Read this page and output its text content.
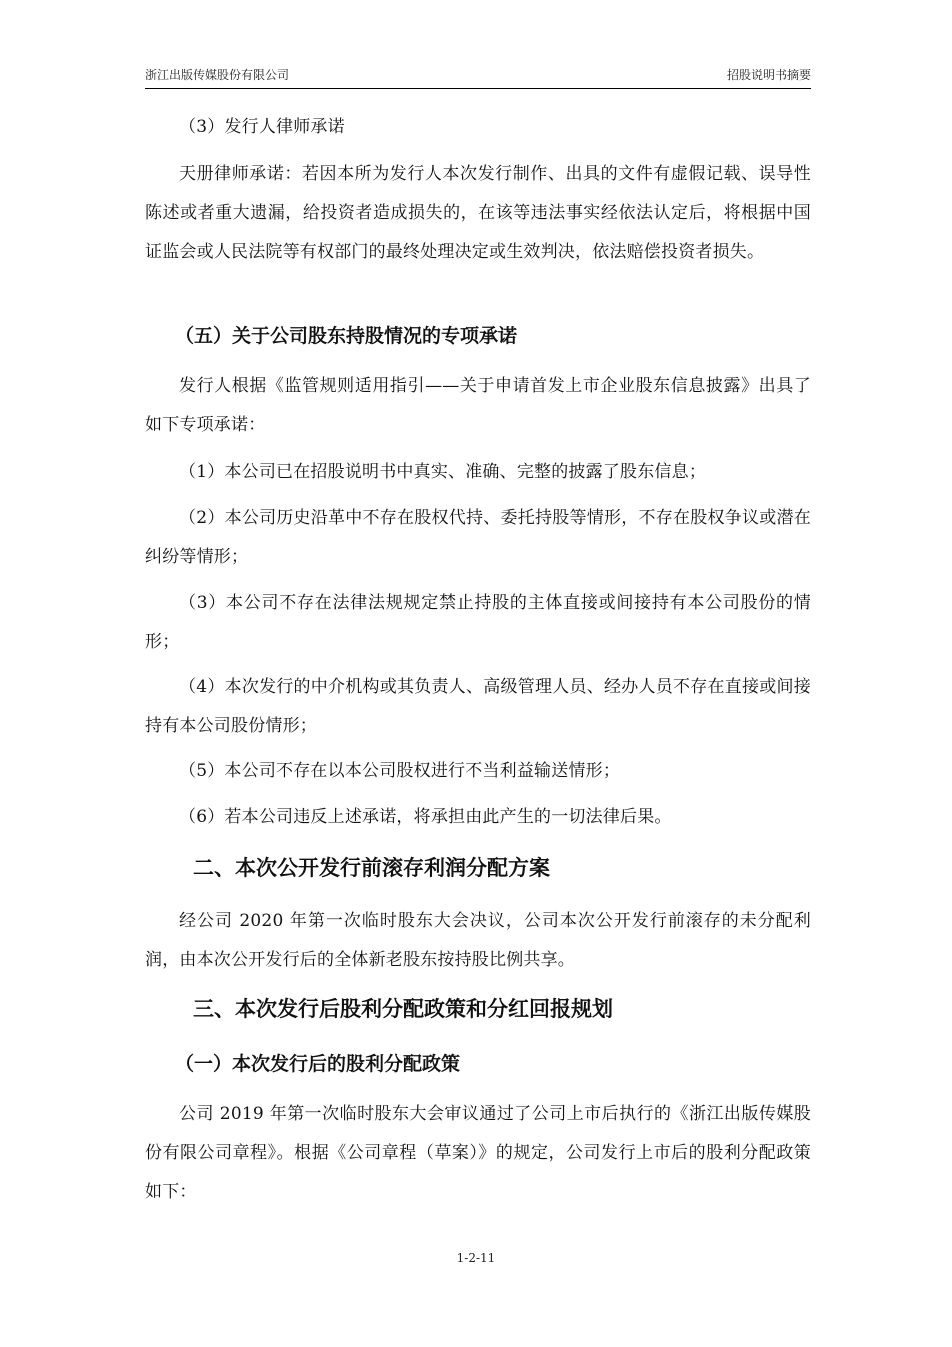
浙江出版传媒股份有限公司	招股说明书摘要
（3）发行人律师承诺
天册律师承诺：若因本所为发行人本次发行制作、出具的文件有虚假记载、误导性陈述或者重大遗漏，给投资者造成损失的，在该等违法事实经依法认定后，将根据中国证监会或人民法院等有权部门的最终处理决定或生效判决，依法赔偿投资者损失。
（五）关于公司股东持股情况的专项承诺
发行人根据《监管规则适用指引——关于申请首发上市企业股东信息披露》出具了如下专项承诺：
（1）本公司已在招股说明书中真实、准确、完整的披露了股东信息；
（2）本公司历史沿革中不存在股权代持、委托持股等情形，不存在股权争议或潜在纠纷等情形；
（3）本公司不存在法律法规规定禁止持股的主体直接或间接持有本公司股份的情形；
（4）本次发行的中介机构或其负责人、高级管理人员、经办人员不存在直接或间接持有本公司股份情形；
（5）本公司不存在以本公司股权进行不当利益输送情形；
（6）若本公司违反上述承诺，将承担由此产生的一切法律后果。
二、本次公开发行前滚存利润分配方案
经公司 2020 年第一次临时股东大会决议，公司本次公开发行前滚存的未分配利润，由本次公开发行后的全体新老股东按持股比例共享。
三、本次发行后股利分配政策和分红回报规划
（一）本次发行后的股利分配政策
公司 2019 年第一次临时股东大会审议通过了公司上市后执行的《浙江出版传媒股份有限公司章程》。根据《公司章程（草案）》的规定，公司发行上市后的股利分配政策如下：
1-2-11
